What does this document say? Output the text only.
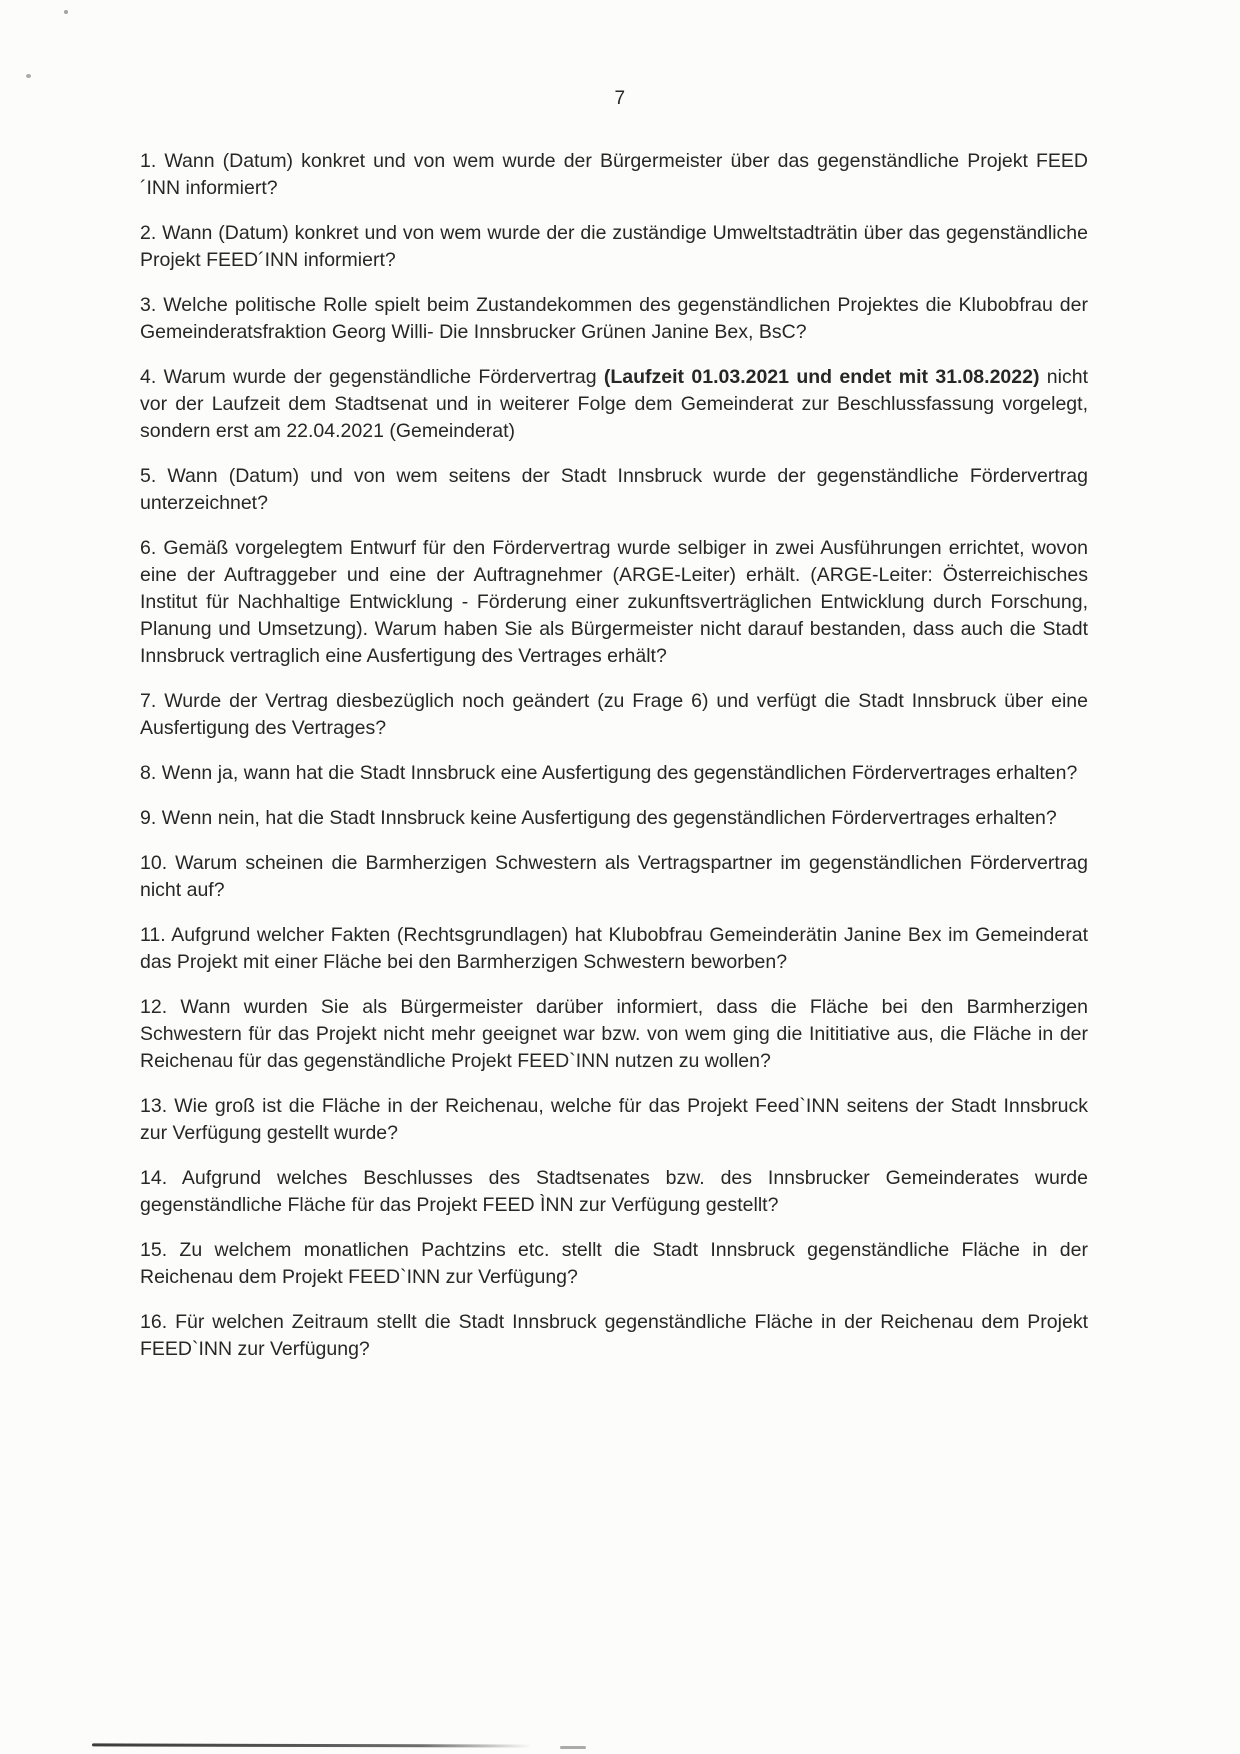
7

1. Wann (Datum) konkret und von wem wurde der Bürgermeister über das gegenständliche Projekt FEED´INN informiert?

2. Wann (Datum) konkret und von wem wurde der die zuständige Umweltstadträtin über das gegenständliche Projekt FEED´INN informiert?

3. Welche politische Rolle spielt beim Zustandekommen des gegenständlichen Projektes die Klubobfrau der Gemeinderatsfraktion Georg Willi- Die Innsbrucker Grünen Janine Bex, BsC?

4. Warum wurde der gegenständliche Fördervertrag (Laufzeit 01.03.2021 und endet mit 31.08.2022) nicht vor der Laufzeit dem Stadtsenat und in weiterer Folge dem Gemeinderat zur Beschlussfassung vorgelegt, sondern erst am 22.04.2021 (Gemeinderat)

5. Wann (Datum) und von wem seitens der Stadt Innsbruck wurde der gegenständliche Fördervertrag unterzeichnet?

6. Gemäß vorgelegtem Entwurf für den Fördervertrag wurde selbiger in zwei Ausführungen errichtet, wovon eine der Auftraggeber und eine der Auftragnehmer (ARGE-Leiter) erhält. (ARGE-Leiter: Österreichisches Institut für Nachhaltige Entwicklung - Förderung einer zukunftsverträglichen Entwicklung durch Forschung, Planung und Umsetzung). Warum haben Sie als Bürgermeister nicht darauf bestanden, dass auch die Stadt Innsbruck vertraglich eine Ausfertigung des Vertrages erhält?

7. Wurde der Vertrag diesbezüglich noch geändert (zu Frage 6) und verfügt die Stadt Innsbruck über eine Ausfertigung des Vertrages?

8. Wenn ja, wann hat die Stadt Innsbruck eine Ausfertigung des gegenständlichen Fördervertrages erhalten?

9. Wenn nein, hat die Stadt Innsbruck keine Ausfertigung des gegenständlichen Fördervertrages erhalten?

10. Warum scheinen die Barmherzigen Schwestern als Vertragspartner im gegenständlichen Fördervertrag nicht auf?

11. Aufgrund welcher Fakten (Rechtsgrundlagen) hat Klubobfrau Gemeinderätin Janine Bex im Gemeinderat das Projekt mit einer Fläche bei den Barmherzigen Schwestern beworben?

12. Wann wurden Sie als Bürgermeister darüber informiert, dass die Fläche bei den Barmherzigen Schwestern für das Projekt nicht mehr geeignet war bzw. von wem ging die Inititiative aus, die Fläche in der Reichenau für das gegenständliche Projekt FEED`INN nutzen zu wollen?

13. Wie groß ist die Fläche in der Reichenau, welche für das Projekt Feed`INN seitens der Stadt Innsbruck zur Verfügung gestellt wurde?

14. Aufgrund welches Beschlusses des Stadtsenates bzw. des Innsbrucker Gemeinderates wurde gegenständliche Fläche für das Projekt FEED ÌNN zur Verfügung gestellt?

15. Zu welchem monatlichen Pachtzins etc. stellt die Stadt Innsbruck gegenständliche Fläche in der Reichenau dem Projekt FEED`INN zur Verfügung?

16. Für welchen Zeitraum stellt die Stadt Innsbruck gegenständliche Fläche in der Reichenau dem Projekt FEED`INN zur Verfügung?
